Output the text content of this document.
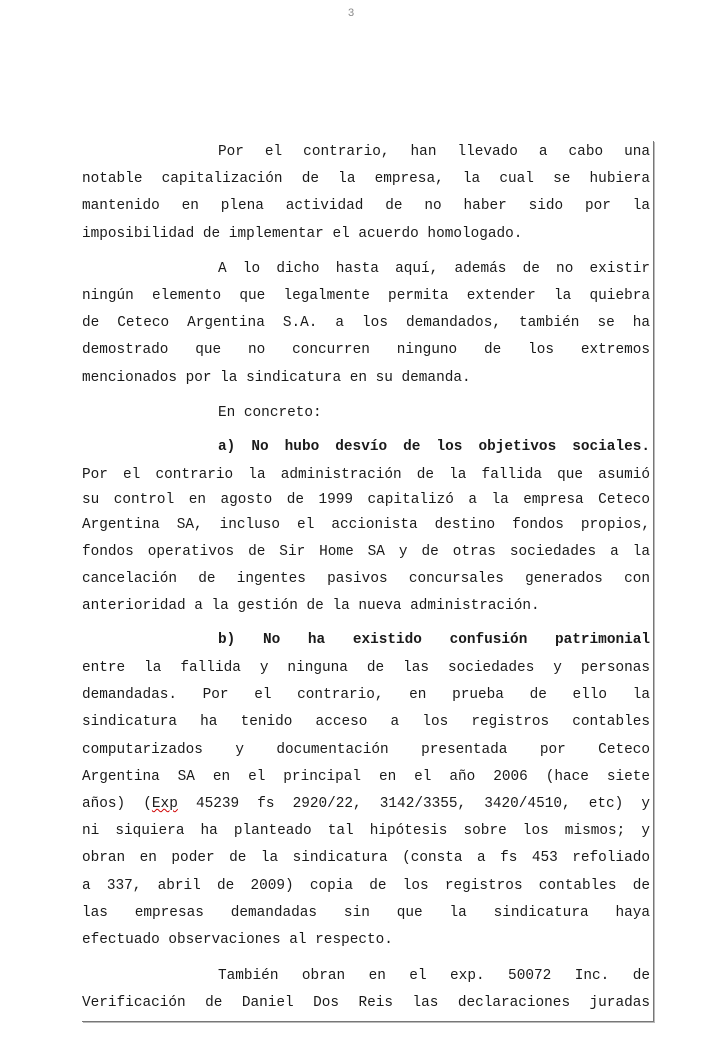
3
Por el contrario, han llevado a cabo una
notable capitalización de la empresa, la cual se hubiera
mantenido en plena actividad de no haber sido por la
imposibilidad de implementar el acuerdo homologado.
A lo dicho hasta aquí, además de no existir
ningún elemento que legalmente permita extender la quiebra
de Ceteco Argentina S.A. a los demandados, también se ha
demostrado que no concurren ninguno de los extremos
mencionados por la sindicatura en su demanda.
En concreto:
a) No hubo desvío de los objetivos sociales.
Por el contrario la administración de la fallida que asumió
su control en agosto de 1999 capitalizó a la empresa Ceteco
Argentina SA, incluso el accionista destino fondos propios,
fondos operativos de Sir Home SA y de otras sociedades a la
cancelación de ingentes pasivos concursales generados con
anterioridad a la gestión de la nueva administración.
b) No ha existido confusión patrimonial
entre la fallida y ninguna de las sociedades y personas
demandadas. Por el contrario, en prueba de ello la
sindicatura ha tenido acceso a los registros contables
computarizados y documentación presentada por Ceteco
Argentina SA en el principal en el año 2006 (hace siete
años) (Exp 45239 fs 2920/22, 3142/3355, 3420/4510, etc) y
ni siquiera ha planteado tal hipótesis sobre los mismos; y
obran en poder de la sindicatura (consta a fs 453 refoliado
a 337, abril de 2009) copia de los registros contables de
las empresas demandadas sin que la sindicatura haya
efectuado observaciones al respecto.
También obran en el exp. 50072 Inc. de
Verificación de Daniel Dos Reis las declaraciones juradas
